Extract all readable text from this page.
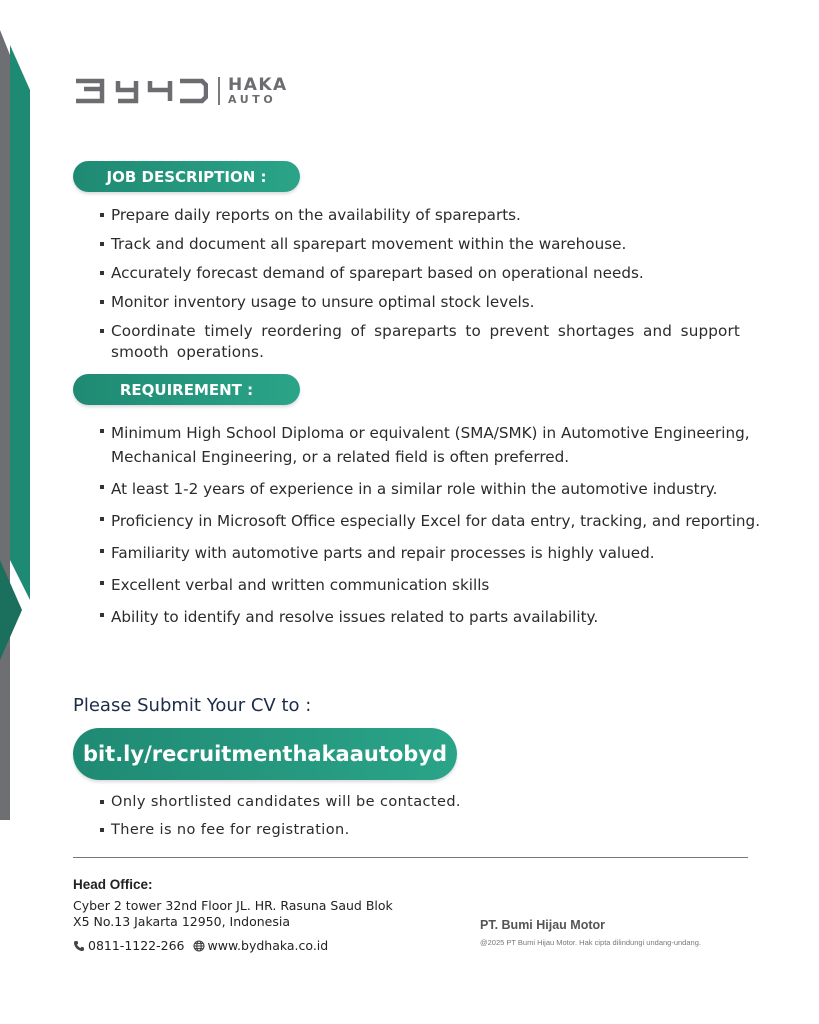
HAKA
AUTO
JOB DESCRIPTION :
Prepare daily reports on the availability of spareparts.
Track and document all sparepart movement within the warehouse.
Accurately forecast demand of sparepart based on operational needs.
Monitor inventory usage to unsure optimal stock levels.
Coordinate timely reordering of spareparts to prevent shortages and support smooth operations.
REQUIREMENT :
Minimum High School Diploma or equivalent (SMA/SMK) in Automotive Engineering, Mechanical Engineering, or a related field is often preferred.
At least 1-2 years of experience in a similar role within the automotive industry.
Proficiency in Microsoft Office especially Excel for data entry, tracking, and reporting.
Familiarity with automotive parts and repair processes is highly valued.
Excellent verbal and written communication skills
Ability to identify and resolve issues related to parts availability.
Please Submit Your CV to :
bit.ly/recruitmenthakaautobyd
Only shortlisted candidates will be contacted.
There is no fee for registration.
Head Office:
Cyber 2 tower 32nd Floor JL. HR. Rasuna Saud Blok
X5 No.13 Jakarta 12950, Indonesia
0811-1122-266 www.bydhaka.co.id
PT. Bumi Hijau Motor
@2025 PT Bumi Hijau Motor. Hak cipta dilindungi undang-undang.
